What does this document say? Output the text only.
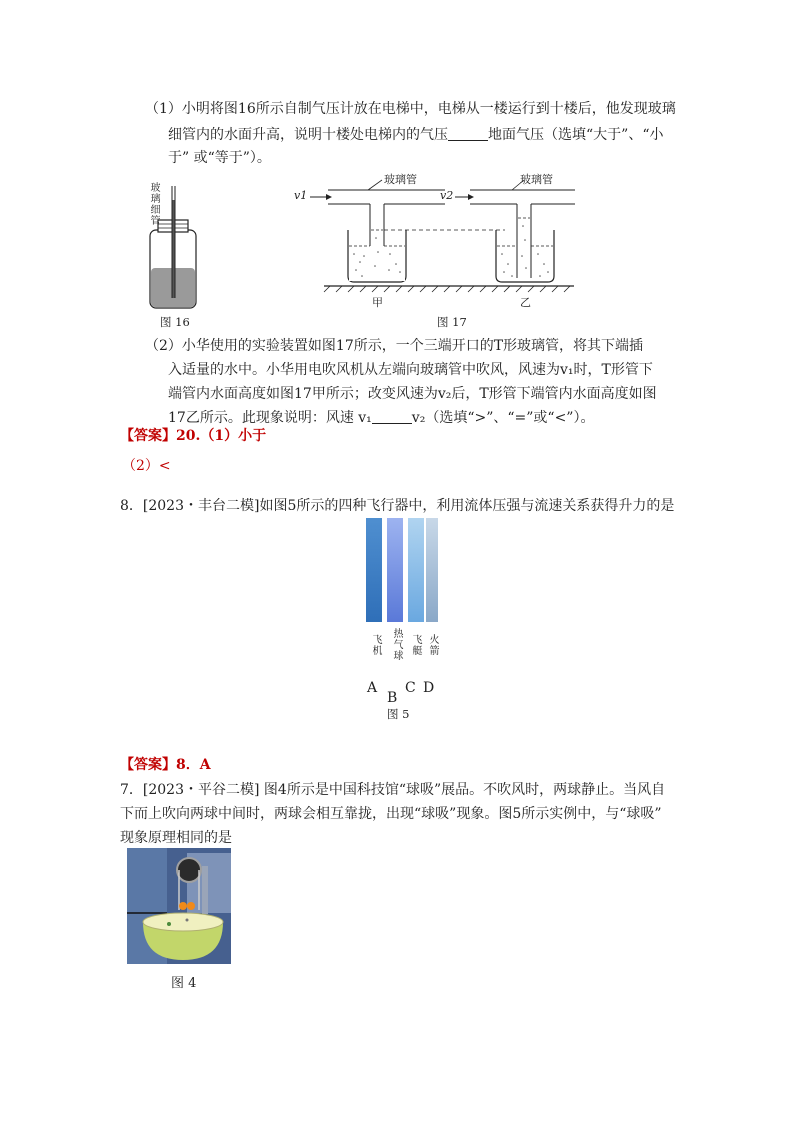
（1）小明将图16所示自制气压计放在电梯中，电梯从一楼运行到十楼后，他发现玻璃
细管内的水面升高，说明十楼处电梯内的气压	地面气压（选填“大于”、“小
于” 或“等于”）。
玻璃细管
图 16
玻璃管	玻璃管
v1	v2
甲	乙
图 17
（2）小华使用的实验装置如图17所示，一个三端开口的T形玻璃管，将其下端插
入适量的水中。小华用电吹风机从左端向玻璃管中吹风，风速为v₁时，T形管下
端管内水面高度如图17甲所示；改变风速为v₂后，T形管下端管内水面高度如图
17乙所示。此现象说明：风速 v₁	v₂（选填“>”、“=”或“<”）。
【答案】20.（1）小于
（2）<
8．[2023・丰台二模]如图5所示的四种飞行器中，利用流体压强与流速关系获得升力的是
飞机 热气球 飞艇 火箭
A
B
C D
图 5
【答案】8．A
7．[2023・平谷二模] 图4所示是中国科技馆“球吸”展品。不吹风时，两球静止。当风自
下而上吹向两球中间时，两球会相互靠拢，出现“球吸”现象。图5所示实例中，与“球吸”
现象原理相同的是
图 4
